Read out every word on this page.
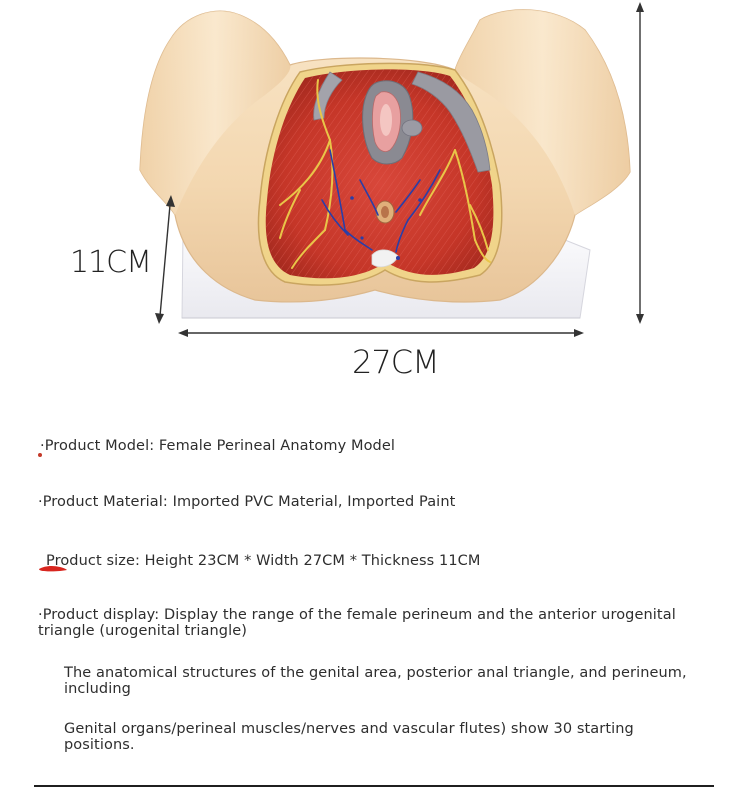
11CM
27CM
·Product Model: Female Perineal Anatomy Model
·Product Material: Imported PVC Material, Imported Paint
Product size: Height 23CM * Width 27CM * Thickness 11CM
·Product display: Display the range of the female perineum and the anterior urogenital triangle (urogenital triangle)
The anatomical structures of the genital area, posterior anal triangle, and perineum, including
Genital organs/perineal muscles/nerves and vascular flutes) show 30 starting positions.
